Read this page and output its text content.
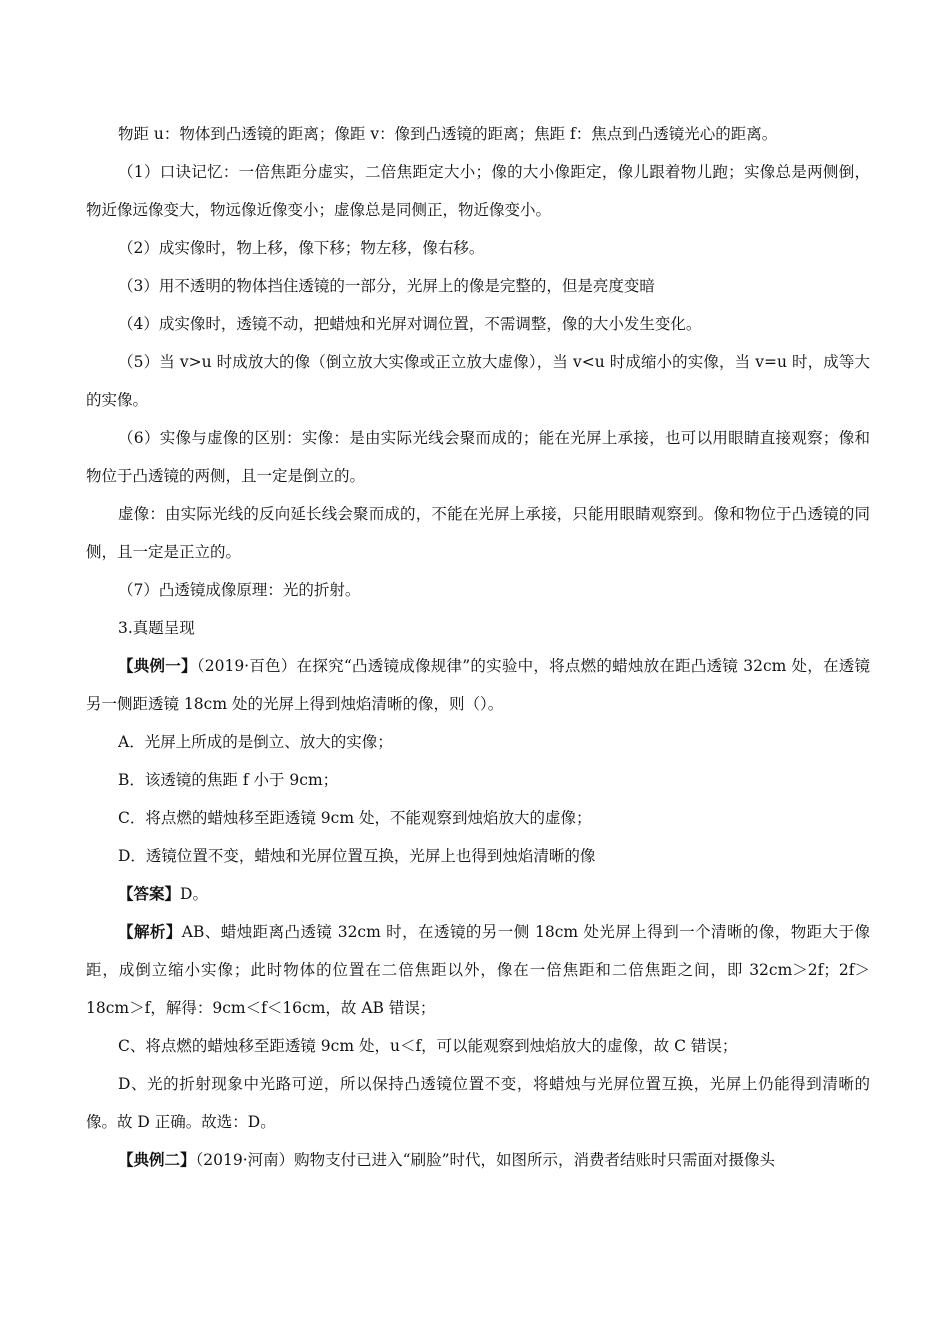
物距 u：物体到凸透镜的距离；像距 v：像到凸透镜的距离；焦距 f：焦点到凸透镜光心的距离。

（1）口诀记忆：一倍焦距分虚实，二倍焦距定大小；像的大小像距定，像儿跟着物儿跑；实像总是两侧倒，物近像远像变大，物远像近像变小；虚像总是同侧正，物近像变小。

（2）成实像时，物上移，像下移；物左移，像右移。

（3）用不透明的物体挡住透镜的一部分，光屏上的像是完整的，但是亮度变暗

（4）成实像时，透镜不动，把蜡烛和光屏对调位置，不需调整，像的大小发生变化。

（5）当 v>u 时成放大的像（倒立放大实像或正立放大虚像），当 v<u 时成缩小的实像，当 v=u 时，成等大的实像。

（6）实像与虚像的区别：实像：是由实际光线会聚而成的；能在光屏上承接，也可以用眼睛直接观察；像和物位于凸透镜的两侧，且一定是倒立的。

虚像：由实际光线的反向延长线会聚而成的，不能在光屏上承接，只能用眼睛观察到。像和物位于凸透镜的同侧，且一定是正立的。

（7）凸透镜成像原理：光的折射。

3.真题呈现

【典例一】（2019·百色）在探究“凸透镜成像规律”的实验中，将点燃的蜡烛放在距凸透镜 32cm 处，在透镜另一侧距透镜 18cm 处的光屏上得到烛焰清晰的像，则（）。

A．光屏上所成的是倒立、放大的实像；

B．该透镜的焦距 f 小于 9cm；

C．将点燃的蜡烛移至距透镜 9cm 处，不能观察到烛焰放大的虚像；

D．透镜位置不变，蜡烛和光屏位置互换，光屏上也得到烛焰清晰的像

【答案】D。

【解析】AB、蜡烛距离凸透镜 32cm 时，在透镜的另一侧 18cm 处光屏上得到一个清晰的像，物距大于像距，成倒立缩小实像；此时物体的位置在二倍焦距以外，像在一倍焦距和二倍焦距之间，即 32cm＞2f；2f＞18cm＞f，解得：9cm＜f＜16cm，故 AB 错误；

C、将点燃的蜡烛移至距透镜 9cm 处，u＜f，可以能观察到烛焰放大的虚像，故 C 错误；

D、光的折射现象中光路可逆，所以保持凸透镜位置不变，将蜡烛与光屏位置互换，光屏上仍能得到清晰的像。故 D 正确。故选：D。

【典例二】（2019·河南）购物支付已进入“刷脸”时代，如图所示，消费者结账时只需面对摄像头
